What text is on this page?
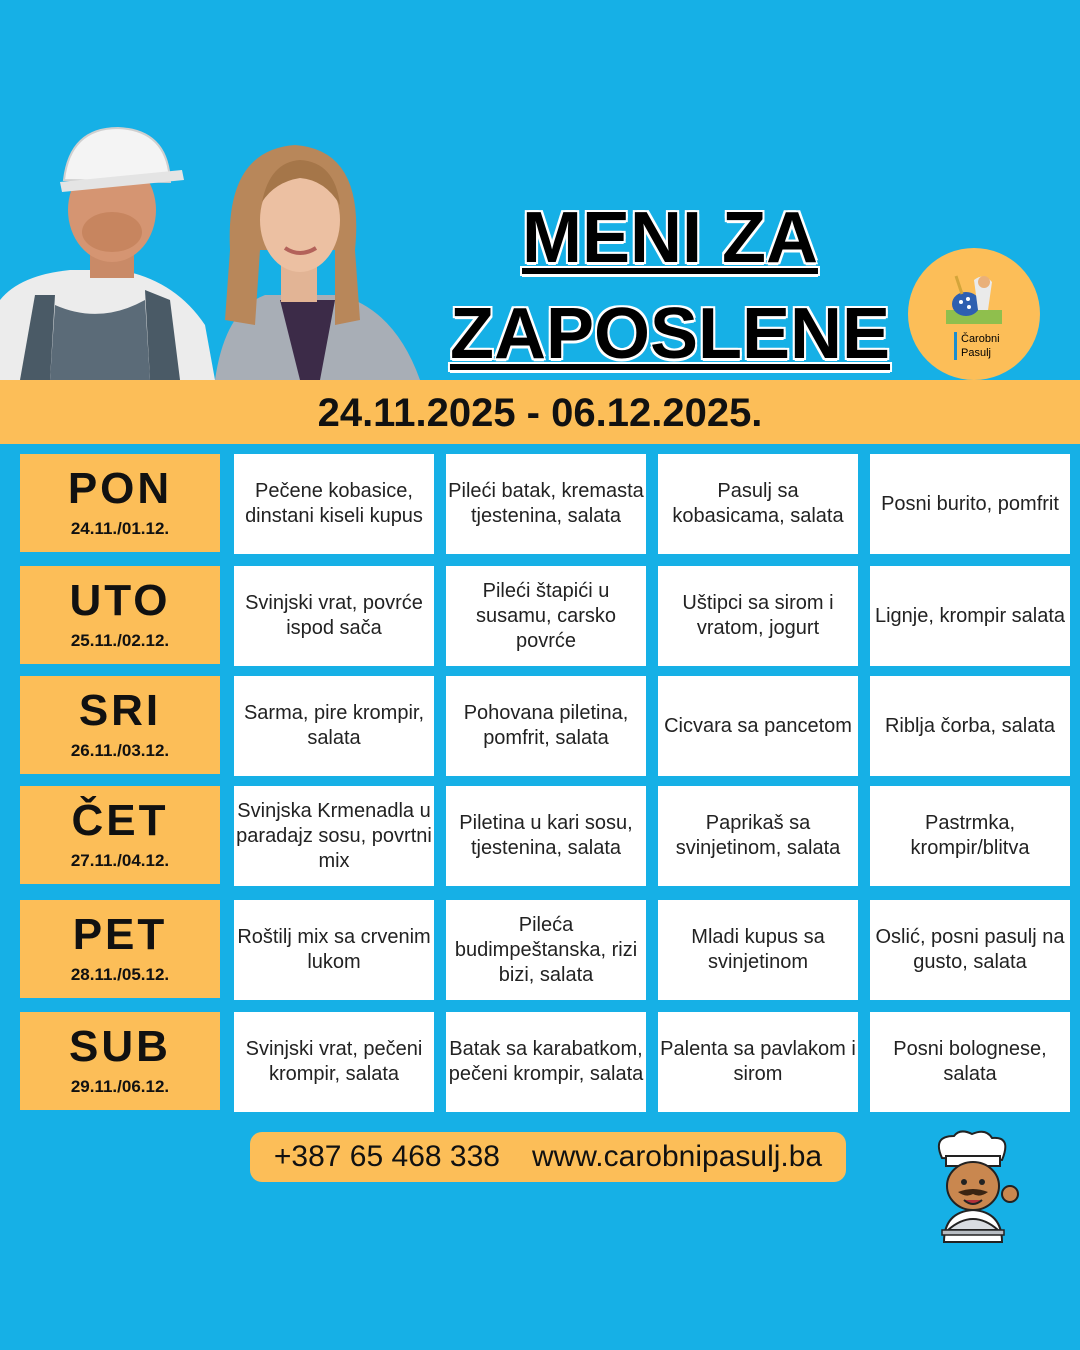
MENI ZA
ZAPOSLENE	Čarobni
Pasulj
24.11.2025 - 06.12.2025.
PON
24.11./01.12.
Pečene kobasice, dinstani kiseli kupus
Pileći batak, kremasta tjestenina, salata
Pasulj sa kobasicama, salata
Posni burito, pomfrit
UTO
25.11./02.12.
Svinjski vrat, povrće ispod sača
Pileći štapići u susamu, carsko povrće
Uštipci sa sirom i vratom, jogurt
Lignje, krompir salata
SRI
26.11./03.12.
Sarma, pire krompir, salata
Pohovana piletina, pomfrit, salata
Cicvara sa pancetom	Riblja čorba, salata
ČET
27.11./04.12.
Svinjska Krmenadla u paradajz sosu, povrtni mix
Piletina u kari sosu, tjestenina, salata
Paprikaš sa svinjetinom, salata
Pastrmka, krompir/blitva
PET
28.11./05.12.
Roštilj mix sa crvenim lukom
Pileća budimpeštanska, rizi bizi, salata
Mladi kupus sa svinjetinom
Oslić, posni pasulj na gusto, salata
SUB
29.11./06.12.
Svinjski vrat, pečeni krompir, salata
Batak sa karabatkom, pečeni krompir, salata
Palenta sa pavlakom i sirom
Posni bolognese, salata
+387 65 468 338 www.carobnipasulj.ba
